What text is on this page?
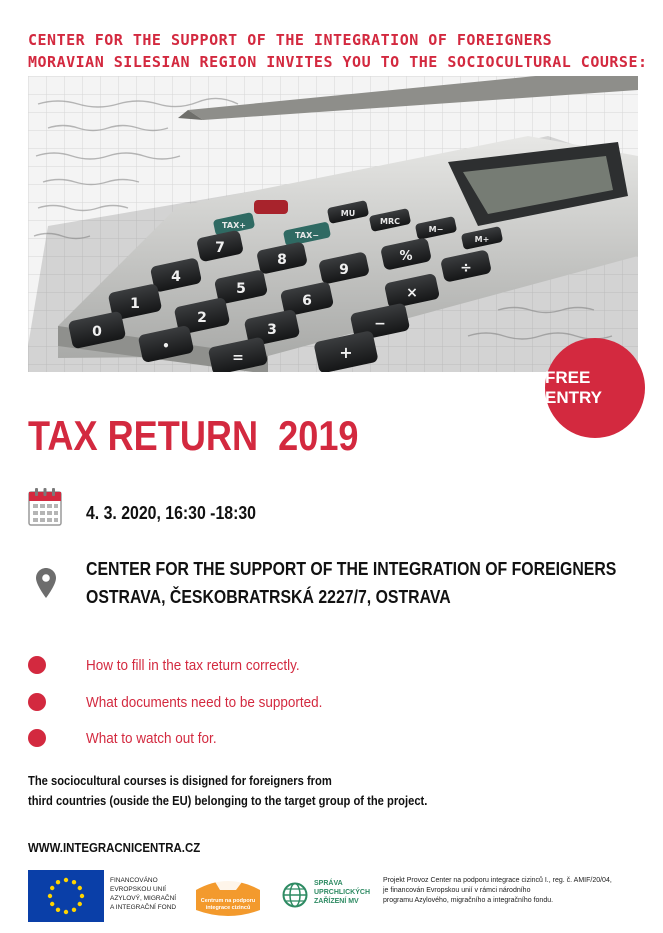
CENTER FOR THE SUPPORT OF THE INTEGRATION OF FOREIGNERS
MORAVIAN SILESIAN REGION INVITES YOU TO THE SOCIOCULTURAL COURSE:
TAX+
TAX−
MU
MRC
M−
M+
7
8
9
%
÷
4
5
6	×
1
2
3	−
0
•
=	+
FREE ENTRY
TAX RETURN  2019
4. 3. 2020, 16:30 -18:30
CENTER FOR THE SUPPORT OF THE INTEGRATION OF FOREIGNERS
OSTRAVA, ČESKOBRATRSKÁ 2227/7, OSTRAVA
How to fill in the tax return correctly.
What documents need to be supported.
What to watch out for.
The sociocultural courses is disigned for foreigners from
third countries (ouside the EU) belonging to the target group of the project.
WWW.INTEGRACNICENTRA.CZ
FINANCOVÁNO
EVROPSKOU UNIÍ
AZYLOVÝ, MIGRAČNÍ
A INTEGRAČNÍ FOND
Centrum na podporu integrace cizinců
SPRÁVA
UPRCHLICKÝCH
ZAŘÍZENÍ MV
Projekt Provoz Center na podporu integrace cizinců I., reg. č. AMIF/20/04,
je financován Evropskou unií v rámci národního
programu Azylového, migračního a integračního fondu.
